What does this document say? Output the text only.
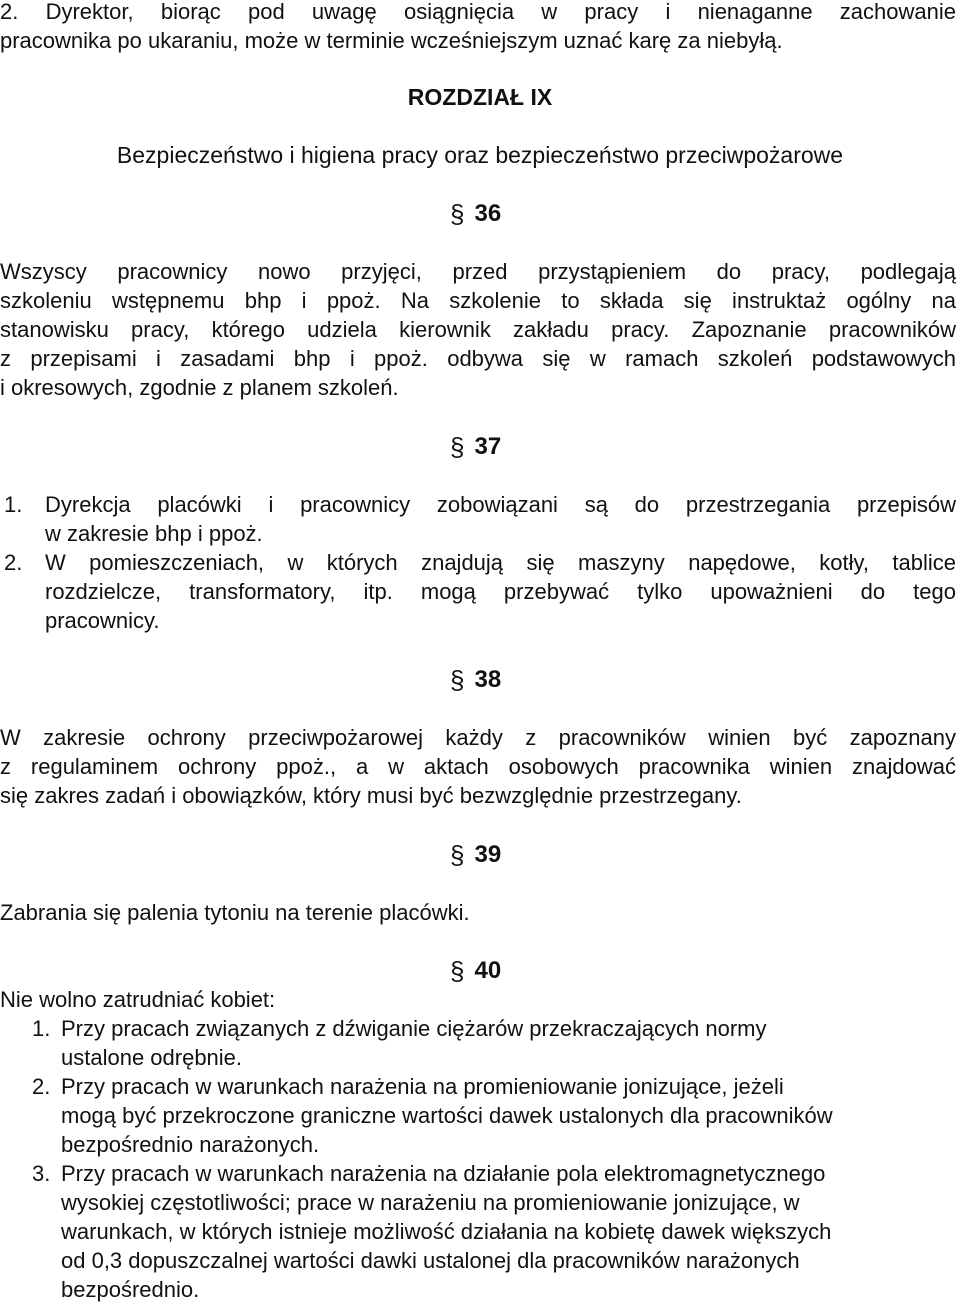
2. Dyrektor, biorąc pod uwagę osiągnięcia w pracy i nienaganne zachowanie
pracownika po ukaraniu, może w terminie wcześniejszym uznać karę za niebyłą.
ROZDZIAŁ IX
Bezpieczeństwo i higiena pracy oraz bezpieczeństwo przeciwpożarowe
§ 36
Wszyscy pracownicy nowo przyjęci, przed przystąpieniem do pracy, podlegają
szkoleniu wstępnemu bhp i ppoż. Na szkolenie to składa się instruktaż ogólny na
stanowisku pracy, którego udziela kierownik zakładu pracy. Zapoznanie pracowników
z przepisami i zasadami bhp i ppoż. odbywa się w ramach szkoleń podstawowych
i okresowych, zgodnie z planem szkoleń.
§ 37
1. Dyrekcja placówki i pracownicy zobowiązani są do przestrzegania przepisów
w zakresie bhp i ppoż.
2. W pomieszczeniach, w których znajdują się maszyny napędowe, kotły, tablice
rozdzielcze, transformatory, itp. mogą przebywać tylko upoważnieni do tego
pracownicy.
§ 38
W zakresie ochrony przeciwpożarowej każdy z pracowników winien być zapoznany
z regulaminem ochrony ppoż., a w aktach osobowych pracownika winien znajdować
się zakres zadań i obowiązków, który musi być bezwzględnie przestrzegany.
§ 39
Zabrania się palenia tytoniu na terenie placówki.
§ 40
Nie wolno zatrudniać kobiet:
1. Przy pracach związanych z dźwiganie ciężarów przekraczających normy
ustalone odrębnie.
2. Przy pracach w warunkach narażenia na promieniowanie jonizujące, jeżeli
mogą być przekroczone graniczne wartości dawek ustalonych dla pracowników
bezpośrednio narażonych.
3. Przy pracach w warunkach narażenia na działanie pola elektromagnetycznego
wysokiej częstotliwości; prace w narażeniu na promieniowanie jonizujące, w
warunkach, w których istnieje możliwość działania na kobietę dawek większych
od 0,3 dopuszczalnej wartości dawki ustalonej dla pracowników narażonych
bezpośrednio.
